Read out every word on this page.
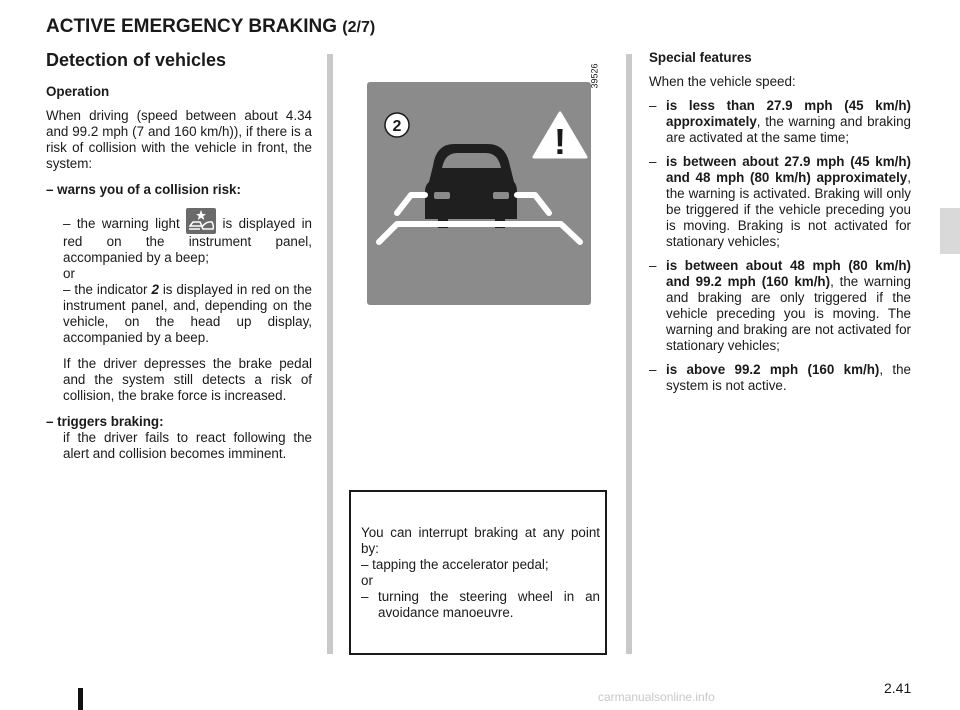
ACTIVE EMERGENCY BRAKING (2/7)
Detection of vehicles

Operation

When driving (speed between about 4.34 and 99.2 mph (7 and 160 km/h)), if there is a risk of collision with the vehicle in front, the system:

– warns you of a collision risk:

– the warning light	is displayed in red on the instrument panel, accompanied by a beep;

or

– the indicator 2 is displayed in red on the instrument panel, and, depending on the vehicle, on the head up display, accompanied by a beep.

If the driver depresses the brake pedal and the system still detects a risk of collision, the brake force is increased.

– triggers braking:

if the driver fails to react following the alert and collision becomes imminent.

!
2
39526

You can interrupt braking at any point by:

– tapping the accelerator pedal;

or

– turning the steering wheel in an avoidance manoeuvre.

Special features

When the vehicle speed:

– is less than 27.9 mph (45 km/h) approximately, the warning and braking are activated at the same time;
– is between about 27.9 mph (45 km/h) and 48 mph (80 km/h) approximately, the warning is activated. Braking will only be triggered if the vehicle preceding you is moving. Braking is not activated for stationary vehicles;
– is between about 48 mph (80 km/h) and 99.2 mph (160 km/h), the warning and braking are only triggered if the vehicle preceding you is moving. The warning and braking are not activated for stationary vehicles;
– is above 99.2 mph (160 km/h), the system is not active.
2.41
carmanualsonline.info
